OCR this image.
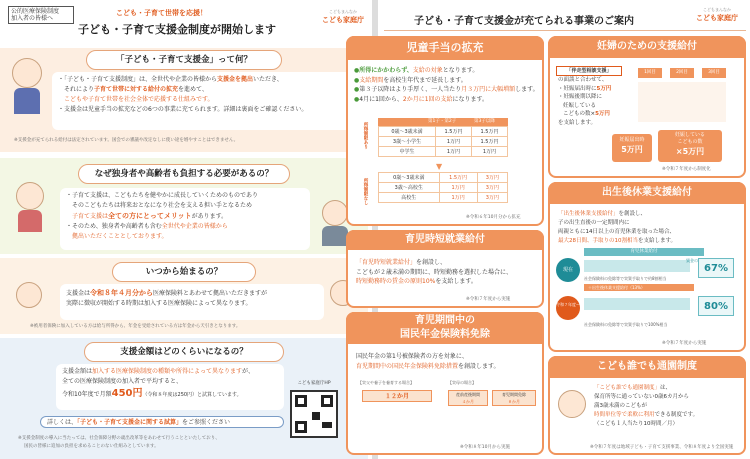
公的医療保険制度
加入者の皆様へ
こども・子育て世帯を応援！
子ども・子育て支援金制度が開始します
こどもまんなか
こども家庭庁
「子ども・子育て支援金」って何？

・「子ども・子育て支援制度」は、全世代や企業の皆様から支援金を拠出いただき、

それにより子育て世帯に対する給付の拡充を進めて、

こどもや子育て世帯を社会全体で応援する仕組みです。

・支援金は児童手当の拡充などの6つの事業に充てられます。詳細は裏面をご確認ください。

※支援金が充てられる給付は法定されています。国会での審議や改定なしに使い途を増やすことはできません。
なぜ独身者や高齢者も負担する必要があるの？

・子育て支援は、こどもたちを健やかに成長していくためのものであり

そのこどもたちは将来おとなになり社会を支える担い手となるため

子育て支援は全ての方にとってメリットがあります。

・そのため、独身者や高齢者も含む全世代や企業の皆様から

拠出いただくこととしております。

いつから始まるの？

支援金は令和８年４月分から医療保険料とあわせて拠出いただきますが

実際に徴収が開始する時期は加入する医療保険によって異なります。

※被用者保険に加入している方は給与所得から、年金を受給されている方は年金から天引きとなります。
支援金額はどのくらいになるの？

支援金額は加入する医療保険制度の種類や所得によって異なりますが、

全ての医療保険制度の加入者で平均すると、

令和10年度で月額450円（令和８年度は250円）と試算しています。

詳しくは、「子ども・子育て支援金に関する試算」をご参照ください
こども家庭庁HP
※支援金制度の導入に当たっては、社会保障分野の歳出改革等をあわせて行うことといたしており、
国民の皆様に追加の負担を求めることのない仕組みとしています。
子ども・子育て支援金が充てられる事業のご案内
こどもまんなか
こども家庭庁
児童手当の拡充

●所得にかかわらず、支給の対象となります。

●支給期間を高校生年代まで延長します。

●第３子以降はより手厚く、一人当たり月３万円に大幅増額します。

●4月に1回から、2か月に1回の支給になります。

所得制限あり
所得制限なし
第1子・第2子	第3子以降
0歳〜3歳未満	1.5万円	1.5万円
3歳〜小学生	1万円	1.5万円
中学生	1万円	1万円
▼
0歳〜3歳未満	1.5万円	3万円
3歳〜高校生	1万円	3万円
高校生	1万円	3万円
※令和６年10月分から拡充
育児時短就業給付

「育児時短就業給付」を創設し、

こどもが２歳未満の期間に、時短勤務を選択した場合に、

時短勤務時の賃金の原則10%を支給します。

※令和７年度から実施
育児期間中の
国民年金保険料免除

国民年金の第1号被保険者の方を対象に、

育児期間中の国民年金保険料免除措置を創設します。

【実父や養子を養育する場合】
１２か月
【実母の場合】
産前産後期間
４か月
育児期間免除
８か月
※令和８年10月から実施
妊婦のための支援給付
「伴走型相談支援」

の面談と合わせて、

・妊娠届出時に5万円

・妊娠後期以降に

妊娠している

こどもの数×5万円

を支給します。

1回目	2回目	3回目
妊娠届出時
5万円
妊娠している
こどもの数
×5万円
※令和７年度から制度化
出生後休業支援給付

「出生後休業支援給付」を創設し、

子の出生直後の一定期間内に

両親ともに14日以上の育児休業を取った場合、

最大28日間、手取りの10割相当を支給します。

育児休業給付
現在	67%
賃金の
社会保険料の免除等で実質手取りで約8割相当
＋出生後休業支援給付（13%）
令和７年度〜	80%
社会保険料の免除等で実質手取りで100%相当
※令和７年度から実施
こども誰でも通園制度

「こども誰でも通園制度」は、

保育所等に通っていない0歳6カ月から

満3歳未満のこどもが

時間単位等で柔軟に利用できる制度です。

（こども１人当たり10時間／月）

※令和７年度は地域子ども・子育て支援事業、令和８年度より全国実施
